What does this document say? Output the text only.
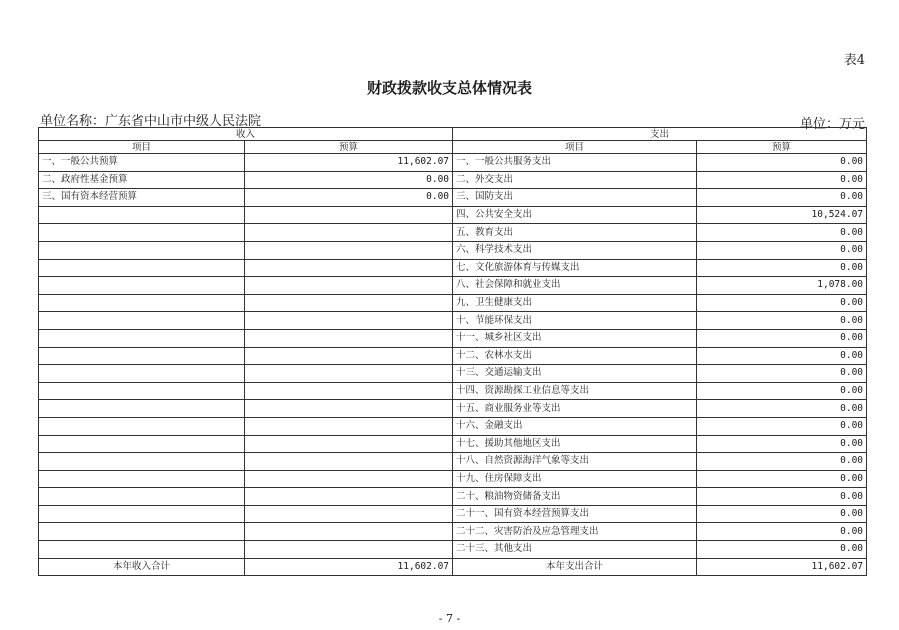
表4
财政拨款收支总体情况表
单位名称：广东省中山市中级人民法院	单位：万元
收入		支出	
项目	预算	项目	预算
一、一般公共预算	11,602.07	一、一般公共服务支出	0.00
二、政府性基金预算	0.00	二、外交支出	0.00
三、国有资本经营预算	0.00	三、国防支出	0.00
		四、公共安全支出	10,524.07
		五、教育支出	0.00
		六、科学技术支出	0.00
		七、文化旅游体育与传媒支出	0.00
		八、社会保障和就业支出	1,078.00
		九、卫生健康支出	0.00
		十、节能环保支出	0.00
		十一、城乡社区支出	0.00
		十二、农林水支出	0.00
		十三、交通运输支出	0.00
		十四、资源勘探工业信息等支出	0.00
		十五、商业服务业等支出	0.00
		十六、金融支出	0.00
		十七、援助其他地区支出	0.00
		十八、自然资源海洋气象等支出	0.00
		十九、住房保障支出	0.00
		二十、粮油物资储备支出	0.00
		二十一、国有资本经营预算支出	0.00
		二十二、灾害防治及应急管理支出	0.00
		二十三、其他支出	0.00
本年收入合计	11,602.07	本年支出合计	11,602.07
- 7 -
